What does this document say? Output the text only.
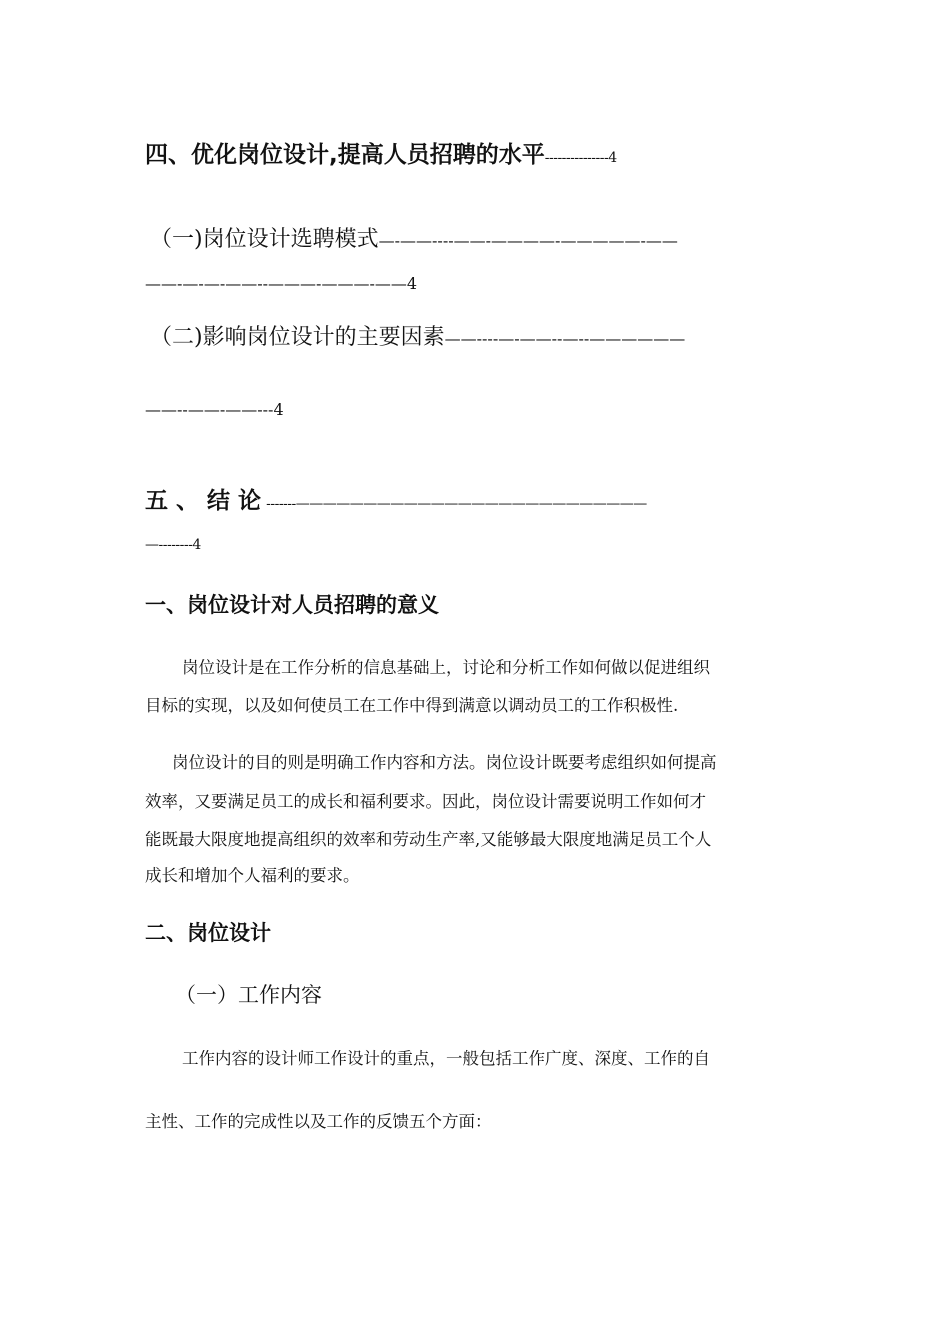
四、优化岗位设计,提高人员招聘的水平---------------4
（一)岗位设计选聘模式—-——----——-————-—————-——
——-—-—-——--———-———-——4
（二)影响岗位设计的主要因素——----—-——--—--——————
——--——-——---4
五 、 结 论 -------——————————————————————————
—--------4
一、岗位设计对人员招聘的意义
岗位设计是在工作分析的信息基础上，讨论和分析工作如何做以促进组织
目标的实现，以及如何使员工在工作中得到满意以调动员工的工作积极性.
岗位设计的目的则是明确工作内容和方法。岗位设计既要考虑组织如何提高
效率，又要满足员工的成长和福利要求。因此，岗位设计需要说明工作如何才
能既最大限度地提高组织的效率和劳动生产率,又能够最大限度地满足员工个人
成长和增加个人福利的要求。
二、岗位设计
（一）工作内容
工作内容的设计师工作设计的重点，一般包括工作广度、深度、工作的自
主性、工作的完成性以及工作的反馈五个方面：
